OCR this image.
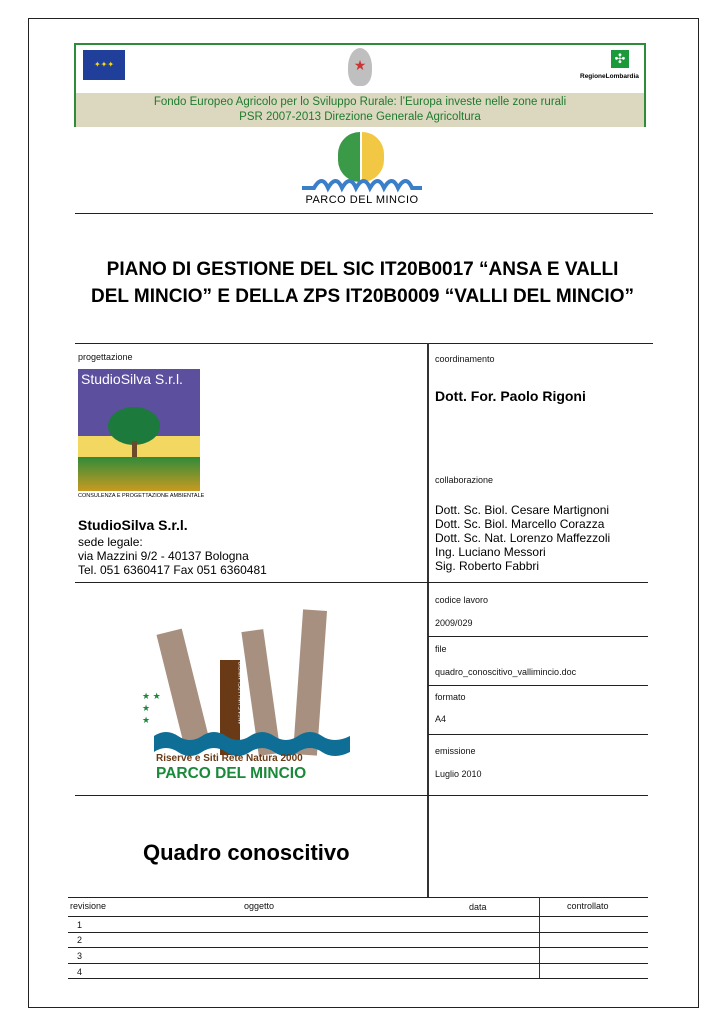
✦✦✦	★	✣
RegioneLombardia
Fondo Europeo Agricolo per lo Sviluppo Rurale: l’Europa investe nelle zone rurali
PSR 2007-2013 Direzione Generale Agricoltura
PARCO DEL MINCIO
PIANO DI GESTIONE DEL SIC IT20B0017 “ANSA E VALLI
DEL MINCIO” E DELLA ZPS IT20B0009 “VALLI DEL MINCIO”
progettazione
StudioSilva S.r.l.
CONSULENZA E PROGETTAZIONE AMBIENTALE
StudioSilva S.r.l.
sede legale:
via Mazzini 9/2 - 40137 Bologna
Tel. 051 6360417 Fax 051 6360481
coordinamento
Dott. For. Paolo Rigoni
collaborazione
Dott. Sc. Biol. Cesare Martignoni
Dott. Sc. Biol. Marcello Corazza
Dott. Sc. Nat. Lorenzo Maffezzoli
Ing. Luciano Messori
Sig. Roberto Fabbri
ANSA E VALLI DEL MINCIO
★ ★
★
★
Riserve e Siti Rete Natura 2000
PARCO DEL MINCIO
codice lavoro
2009/029
file
quadro_conoscitivo_vallimincio.doc
formato
A4
emissione
Luglio 2010
Quadro conoscitivo
revisione	oggetto	data	controllato
1
2
3
4
